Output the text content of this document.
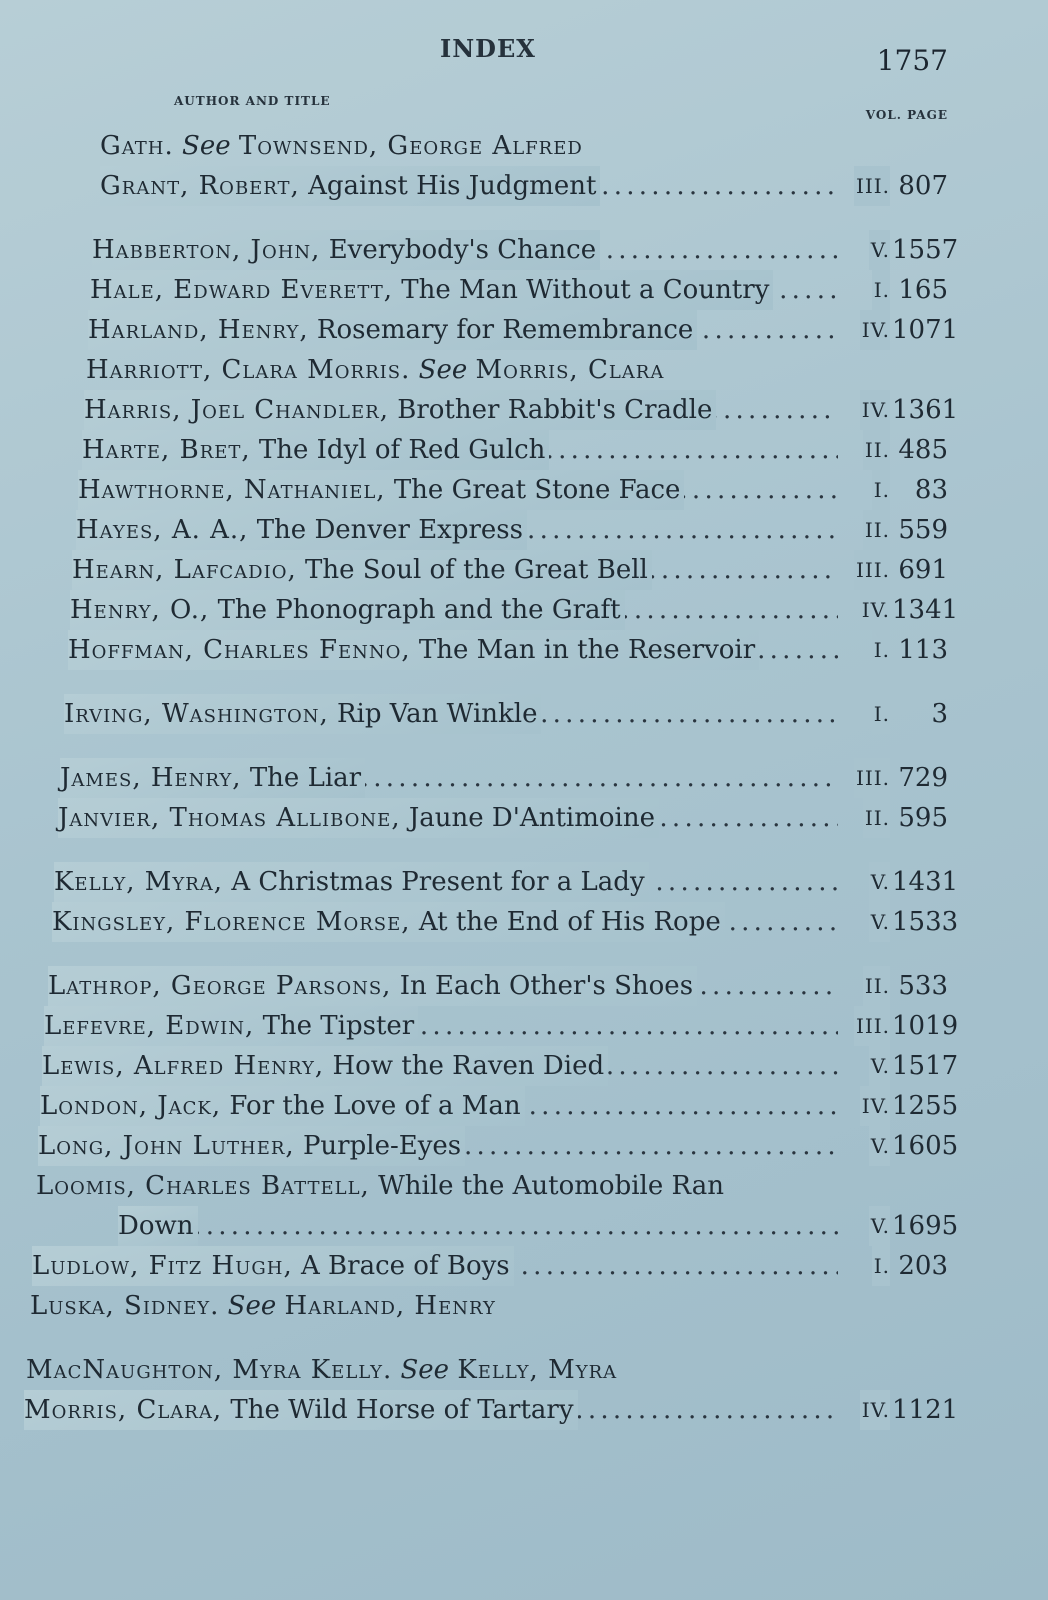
INDEX	1757
AUTHOR AND TITLE
VOL. PAGE
Gath. See Townsend, George Alfred
. . .
Grant, Robert, Against His Judgment	III. 807
. . .
Habberton, John, Everybody's Chance	V. 1557
. . .
Hale, Edward Everett, The Man Without a Country	I. 165
. . .
Harland, Henry, Rosemary for Remembrance	IV. 1071
Harriott, Clara Morris. See Morris, Clara
. . .
Harris, Joel Chandler, Brother Rabbit's Cradle	IV. 1361
. . .
Harte, Bret, The Idyl of Red Gulch	II. 485
. . .
Hawthorne, Nathaniel, The Great Stone Face	I. 83
. . .
Hayes, A. A., The Denver Express	II. 559
. . .
Hearn, Lafcadio, The Soul of the Great Bell	III. 691
. . .
Henry, O., The Phonograph and the Graft	IV. 1341
. . .
Hoffman, Charles Fenno, The Man in the Reservoir	I. 113
. . .
Irving, Washington, Rip Van Winkle	I.	3
. . .
James, Henry, The Liar	III. 729
. . .
Janvier, Thomas Allibone, Jaune D'Antimoine	II. 595
. . .
Kelly, Myra, A Christmas Present for a Lady	V. 1431
. . .
Kingsley, Florence Morse, At the End of His Rope	V. 1533
. . .
Lathrop, George Parsons, In Each Other's Shoes	II. 533
. . .
Lefevre, Edwin, The Tipster	III. 1019
. . .
Lewis, Alfred Henry, How the Raven Died	V. 1517
. . .
London, Jack, For the Love of a Man	IV. 1255
. . .
Long, John Luther, Purple-Eyes	V. 1605
Loomis, Charles Battell, While the Automobile Ran
. . .
Down	V. 1695
. . .
Ludlow, Fitz Hugh, A Brace of Boys	I. 203
Luska, Sidney. See Harland, Henry
MacNaughton, Myra Kelly. See Kelly, Myra
. . .
Morris, Clara, The Wild Horse of Tartary	IV. 1121
